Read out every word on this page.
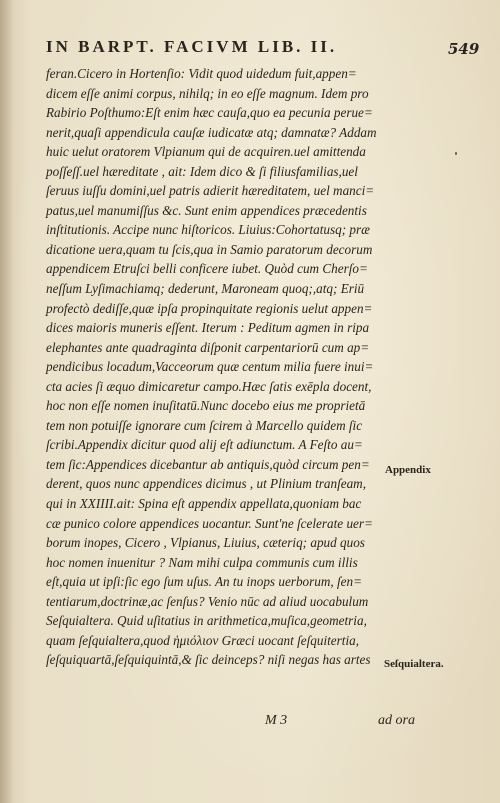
IN BARPT. FACIVM LIB. II.	549
feran.Cicero in Hortenſio: Vidit quod uidedum fuit,appen=
dicem eſſe animi corpus, nihilq; in eo eſſe magnum. Idem pro
Rabirio Poſthumo:Eſt enim hæc cauſa,quo ea pecunia perue=
nerit,quaſi appendicula cauſæ iudicatæ atq; damnatæ? Addam
huic uelut oratorem Vlpianum qui de acquiren.uel amittenda
poſſeſſ.uel hæreditate , ait: Idem dico & ſi filiusfamilias,uel
ſeruus iuſſu domini,uel patris adierit hæreditatem, uel manci=
patus,uel manumiſſus &c. Sunt enim appendices præcedentis
inſtitutionis. Accipe nunc hiſtoricos. Liuius:Cohortatusq; præ
dicatione uera,quam tu ſcis,qua in Samio paratorum decorum
appendicem Etruſci belli conficere iubet. Quòd cum Cherſo=
neſſum Lyſimachiamq; dederunt, Maroneam quoq;,atq; Eriū
profectò dediſſe,quæ ipſa propinquitate regionis uelut appen=
dices maioris muneris eſſent. Iterum : Peditum agmen in ripa
elephantes ante quadraginta diſponit carpentariorū cum ap=
pendicibus locadum,Vacceorum quæ centum milia fuere inui=
cta acies ſi æquo dimicaretur campo.Hæc ſatis exēpla docent,
hoc non eſſe nomen inuſitatū.Nunc docebo eius me proprietā
tem non potuiſſe ignorare cum ſcirem à Marcello quidem ſic
ſcribi.Appendix dicitur quod alij eſt adiunctum. A Feſto au=
tem ſic:Appendices dicebantur ab antiquis,quòd circum pen=
derent, quos nunc appendices dicimus , ut Plinium tranſeam,
qui in XXIIII.ait: Spina eſt appendix appellata,quoniam bac
cæ punico colore appendices uocantur. Sunt'ne ſcelerate uer=
borum inopes, Cicero , Vlpianus, Liuius, cæteriq; apud quos
hoc nomen inuenitur ? Nam mihi culpa communis cum illis
eſt,quia ut ipſi:ſic ego ſum uſus. An tu inops uerborum, ſen=
tentiarum,doctrinæ,ac ſenſus? Venio nūc ad aliud uocabulum
Seſquialtera. Quid uſitatius in arithmetica,muſica,geometria,
quam ſeſquialtera,quod ἡμιόλιον Græci uocant ſeſquitertia,
ſeſquiquartā,ſeſquiquintā,& ſic deinceps? niſi negas has artes
Appendix
Seſquialtera.
M 3	ad ora
